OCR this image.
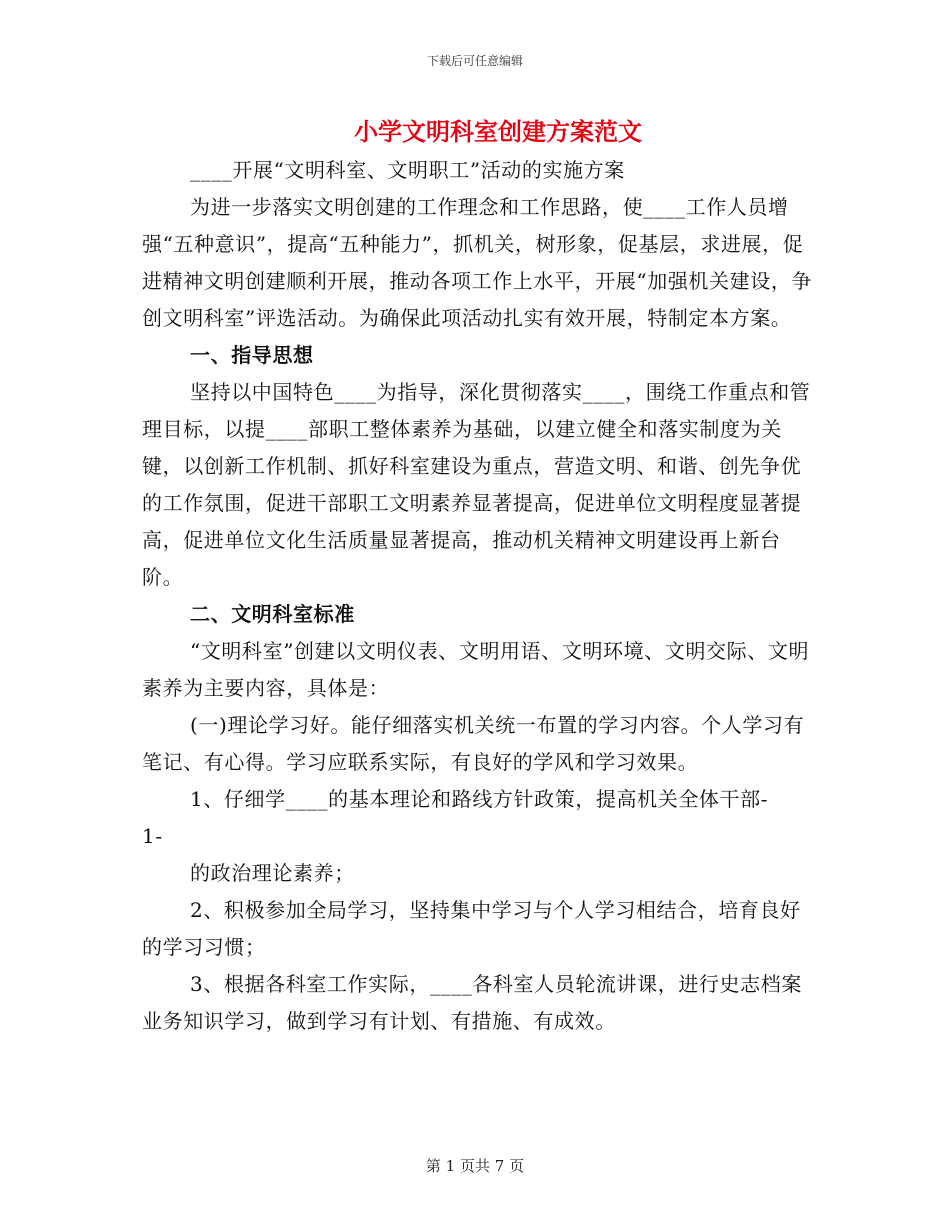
下载后可任意编辑
小学文明科室创建方案范文

____开展“文明科室、文明职工”活动的实施方案

为进一步落实文明创建的工作理念和工作思路，使____工作人员增强“五种意识”，提高“五种能力”，抓机关，树形象，促基层，求进展，促进精神文明创建顺利开展，推动各项工作上水平，开展“加强机关建设，争创文明科室”评选活动。为确保此项活动扎实有效开展，特制定本方案。

一、指导思想

坚持以中国特色____为指导，深化贯彻落实____，围绕工作重点和管理目标，以提____部职工整体素养为基础，以建立健全和落实制度为关键，以创新工作机制、抓好科室建设为重点，营造文明、和谐、创先争优的工作氛围，促进干部职工文明素养显著提高，促进单位文明程度显著提高，促进单位文化生活质量显著提高，推动机关精神文明建设再上新台阶。

二、文明科室标准

“文明科室”创建以文明仪表、文明用语、文明环境、文明交际、文明素养为主要内容，具体是：

(一)理论学习好。能仔细落实机关统一布置的学习内容。个人学习有笔记、有心得。学习应联系实际，有良好的学风和学习效果。

1、仔细学____的基本理论和路线方针政策，提高机关全体干部-

1-

的政治理论素养；

2、积极参加全局学习，坚持集中学习与个人学习相结合，培育良好的学习习惯；

3、根据各科室工作实际，____各科室人员轮流讲课，进行史志档案业务知识学习，做到学习有计划、有措施、有成效。

第 1 页共 7 页
